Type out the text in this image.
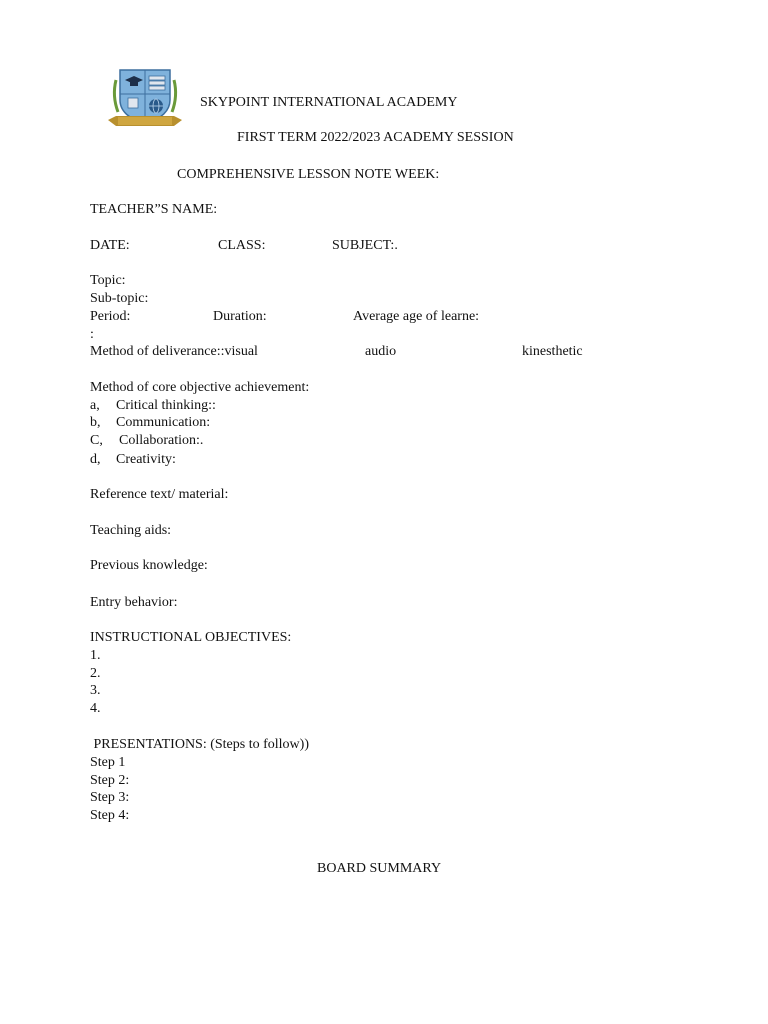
SKYPOINT INTERNATIONAL ACADEMY
FIRST TERM 2022/2023 ACADEMY SESSION
COMPREHENSIVE LESSON NOTE WEEK:
TEACHER”S NAME:
DATE:	CLASS:	SUBJECT:.
Topic:
Sub-topic:
Period:	Duration:	Average age of learne:
:
Method of deliverance::visual	audio	kinesthetic
Method of core objective achievement:
a, Critical thinking::
b, Communication:
C, Collaboration:.
d, Creativity:
Reference text/ material:
Teaching aids:
Previous knowledge:
Entry behavior:
INSTRUCTIONAL OBJECTIVES:
1.
2.
3.
4.
PRESENTATIONS: (Steps to follow))
Step 1
Step 2:
Step 3:
Step 4:
BOARD SUMMARY
